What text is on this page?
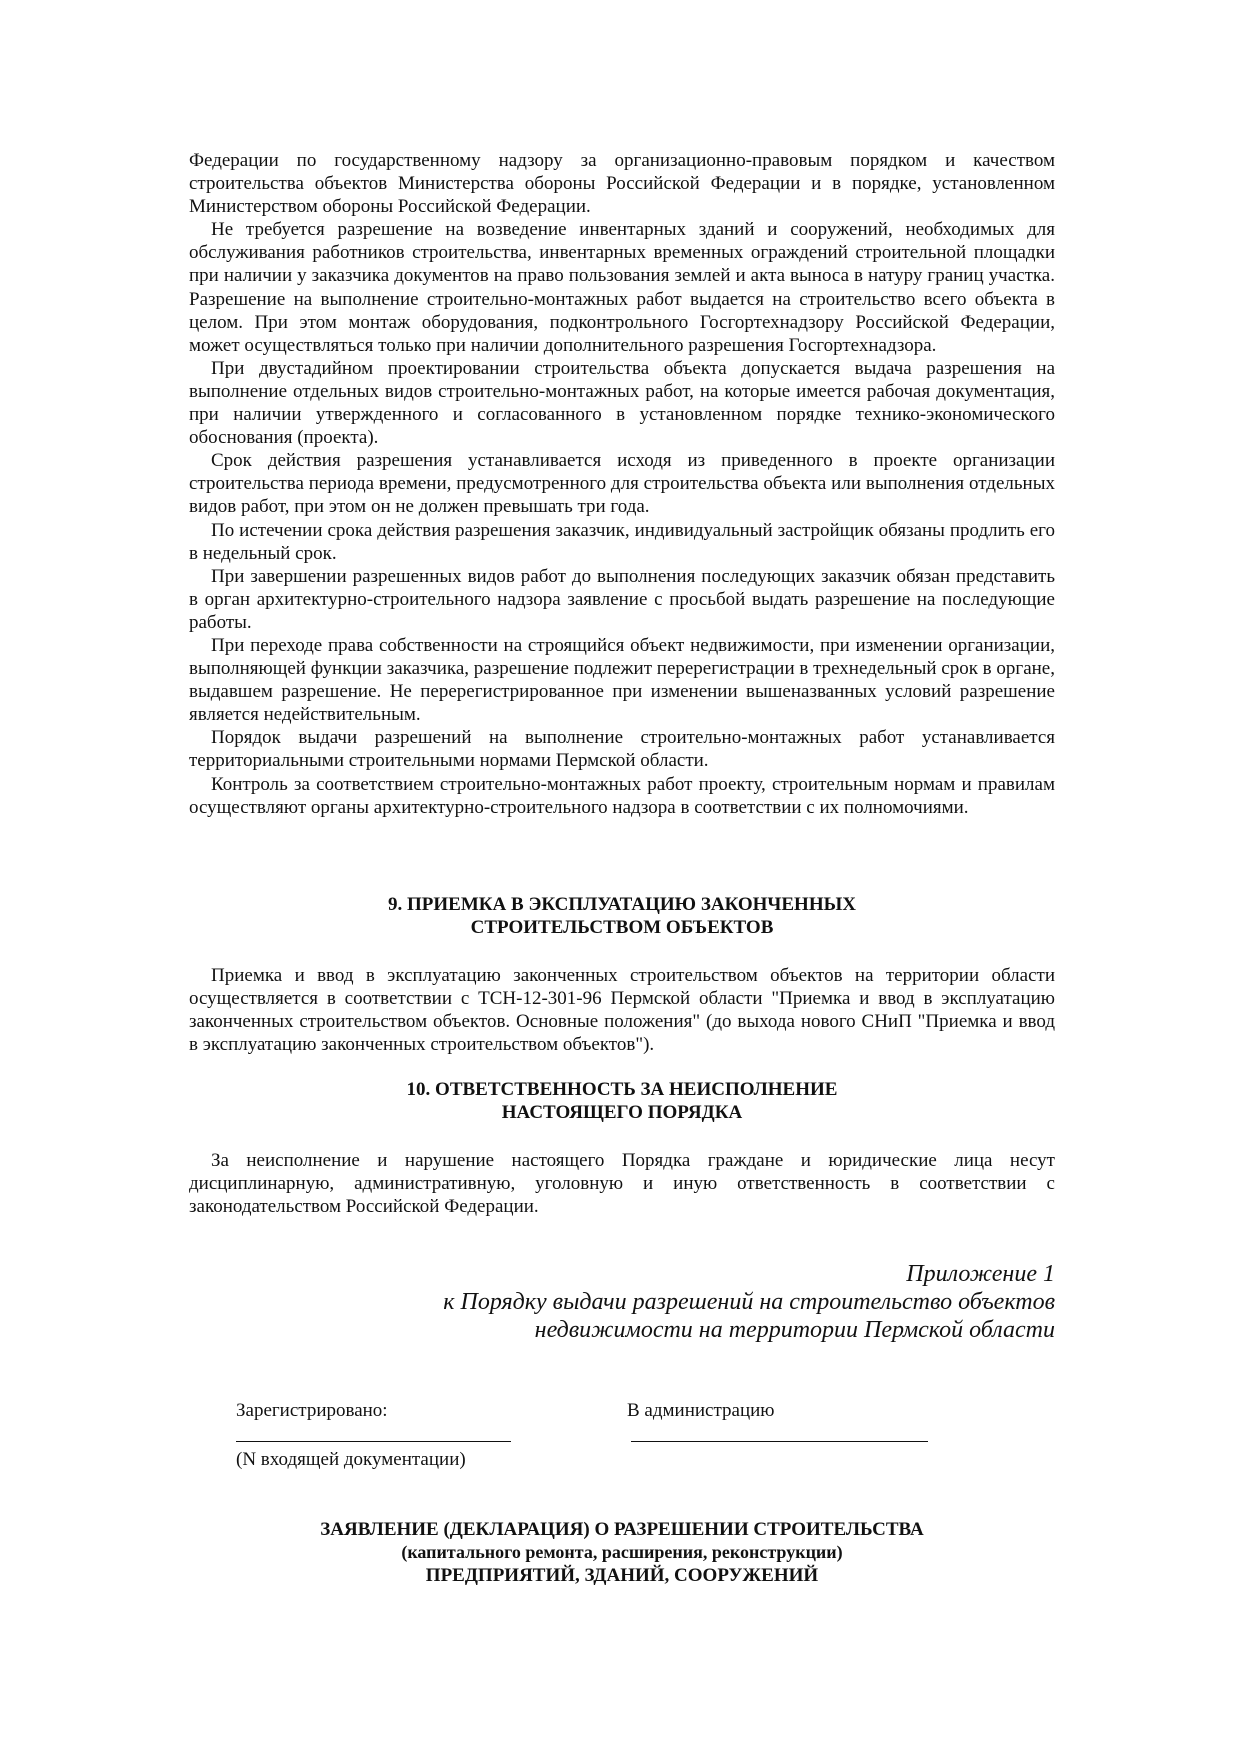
Федерации по государственному надзору за организационно-правовым порядком и качеством строительства объектов Министерства обороны Российской Федерации и в порядке, установленном Министерством обороны Российской Федерации.

Не требуется разрешение на возведение инвентарных зданий и сооружений, необходимых для обслуживания работников строительства, инвентарных временных ограждений строительной площадки при наличии у заказчика документов на право пользования землей и акта выноса в натуру границ участка. Разрешение на выполнение строительно-монтажных работ выдается на строительство всего объекта в целом. При этом монтаж оборудования, подконтрольного Госгортехнадзору Российской Федерации, может осуществляться только при наличии дополнительного разрешения Госгортехнадзора.

При двустадийном проектировании строительства объекта допускается выдача разрешения на выполнение отдельных видов строительно-монтажных работ, на которые имеется рабочая документация, при наличии утвержденного и согласованного в установленном порядке технико-экономического обоснования (проекта).

Срок действия разрешения устанавливается исходя из приведенного в проекте организации строительства периода времени, предусмотренного для строительства объекта или выполнения отдельных видов работ, при этом он не должен превышать три года.

По истечении срока действия разрешения заказчик, индивидуальный застройщик обязаны продлить его в недельный срок.

При завершении разрешенных видов работ до выполнения последующих заказчик обязан представить в орган архитектурно-строительного надзора заявление с просьбой выдать разрешение на последующие работы.

При переходе права собственности на строящийся объект недвижимости, при изменении организации, выполняющей функции заказчика, разрешение подлежит перерегистрации в трехнедельный срок в органе, выдавшем разрешение. Не перерегистрированное при изменении вышеназванных условий разрешение является недействительным.

Порядок выдачи разрешений на выполнение строительно-монтажных работ устанавливается территориальными строительными нормами Пермской области.

Контроль за соответствием строительно-монтажных работ проекту, строительным нормам и правилам осуществляют органы архитектурно-строительного надзора в соответствии с их полномочиями.

9. ПРИЕМКА В ЭКСПЛУАТАЦИЮ ЗАКОНЧЕННЫХ
СТРОИТЕЛЬСТВОМ ОБЪЕКТОВ

Приемка и ввод в эксплуатацию законченных строительством объектов на территории области осуществляется в соответствии с ТСН-12-301-96 Пермской области "Приемка и ввод в эксплуатацию законченных строительством объектов. Основные положения" (до выхода нового СНиП "Приемка и ввод в эксплуатацию законченных строительством объектов").

10. ОТВЕТСТВЕННОСТЬ ЗА НЕИСПОЛНЕНИЕ
НАСТОЯЩЕГО ПОРЯДКА

За неисполнение и нарушение настоящего Порядка граждане и юридические лица несут дисциплинарную, административную, уголовную и иную ответственность в соответствии с законодательством Российской Федерации.

Приложение 1
к Порядку выдачи разрешений на строительство объектов
недвижимости на территории Пермской области
Зарегистрировано:	В администрацию
(N входящей документации)
ЗАЯВЛЕНИЕ (ДЕКЛАРАЦИЯ) О РАЗРЕШЕНИИ СТРОИТЕЛЬСТВА
(капитального ремонта, расширения, реконструкции)
ПРЕДПРИЯТИЙ, ЗДАНИЙ, СООРУЖЕНИЙ
